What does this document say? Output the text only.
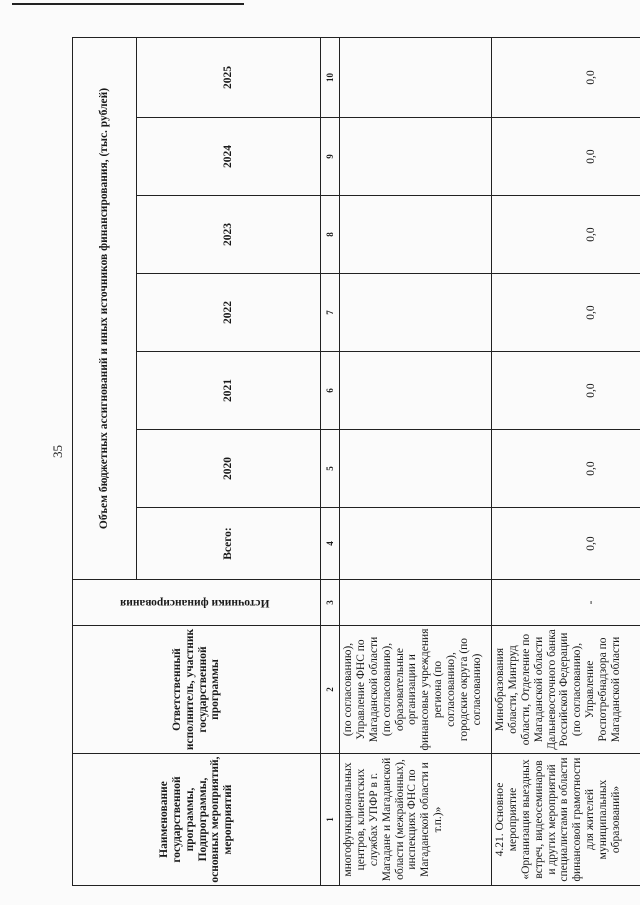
35
Наименование государственной программы, Подпрограммы, основных мероприятий, мероприятий	Ответственный исполнитель, участник государственной программы	Источники финансирования	Объем бюджетных ассигнований и иных источников финансирования, (тыс. рублей)						
			Всего:	2020	2021	2022	2023	2024	2025
1	2	3	4	5	6	7	8	9	10
многофункциональных центров, клиентских службах УПФР в г. Магадане и Магаданской области (межрайонных), инспекциях ФНС по Магаданской области и т.п.)»	(по согласованию), Управление ФНС по Магаданской области (по согласованию), образовательные организации и финансовые учреждения региона (по согласованию), городские округа (по согласованию)								
4.21. Основное мероприятие «Организация выездных встреч, видеосеминаров и других мероприятий специалистами в области финансовой грамотности для жителей муниципальных образований»	Минобразования области, Минтруд области, Отделение по Магаданской области Дальневосточного банка Российской Федерации (по согласованию), Управление Роспотребнадзора по Магаданской области	-	0,0	0,0	0,0	0,0	0,0	0,0	0,0
